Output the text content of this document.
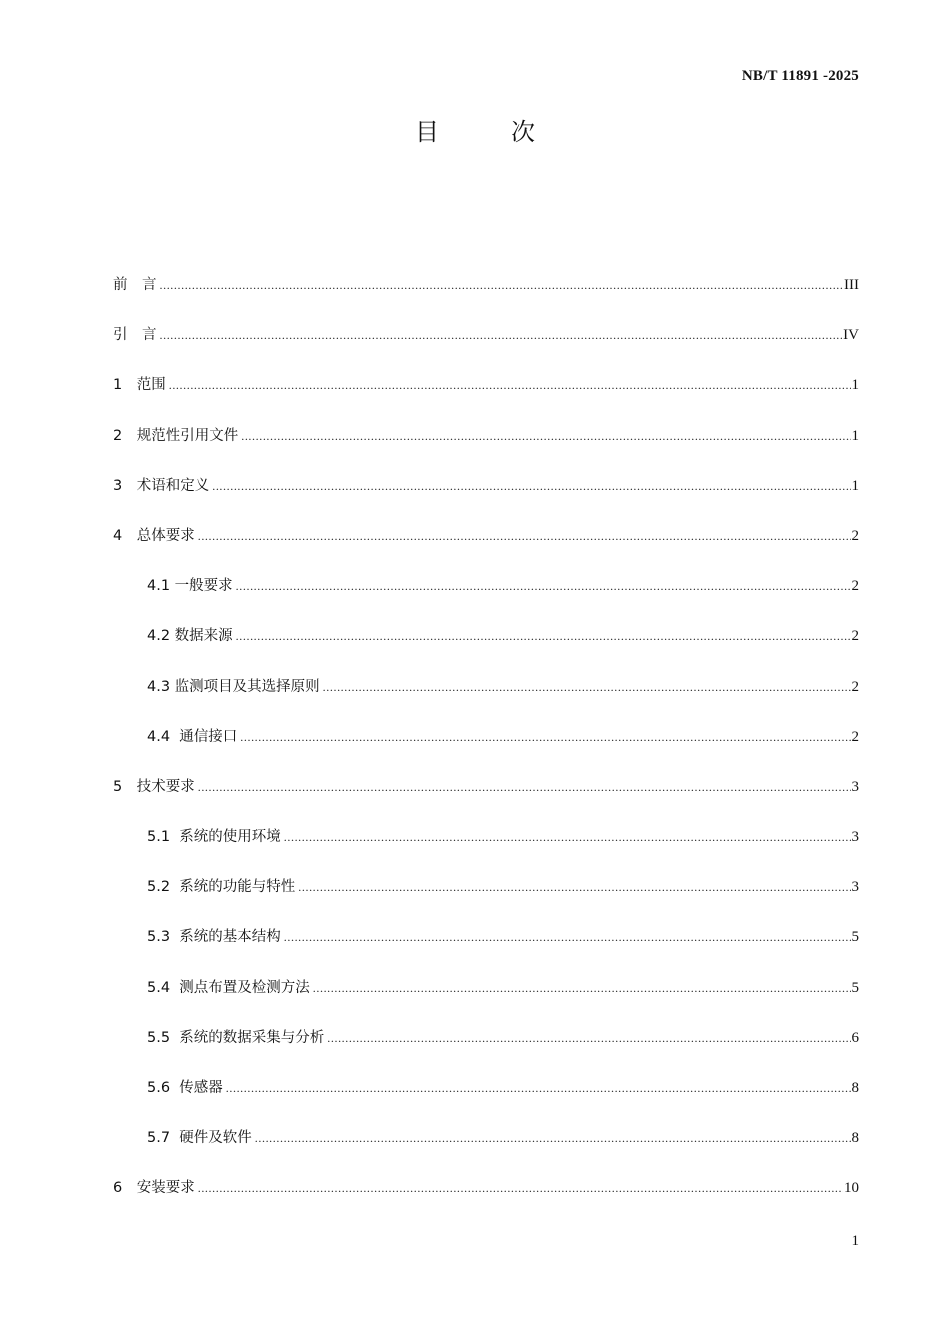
NB/T 11891 -2025
目　次
前　言 .....	III
引　言 .....	IV
1　范围 .....	1
2　规范性引用文件 .....	1
3　术语和定义 .....	1
4　总体要求 .....	2
4.1 一般要求 .....	2
4.2 数据来源 .....	2
4.3 监测项目及其选择原则 .....	2
4.4  通信接口 .....	2
5　技术要求 .....	3
5.1  系统的使用环境 .....	3
5.2  系统的功能与特性 .....	3
5.3  系统的基本结构 .....	5
5.4  测点布置及检测方法 .....	5
5.5  系统的数据采集与分析 .....	6
5.6  传感器 .....	8
5.7  硬件及软件 .....	8
6　安装要求 .....	10
1
